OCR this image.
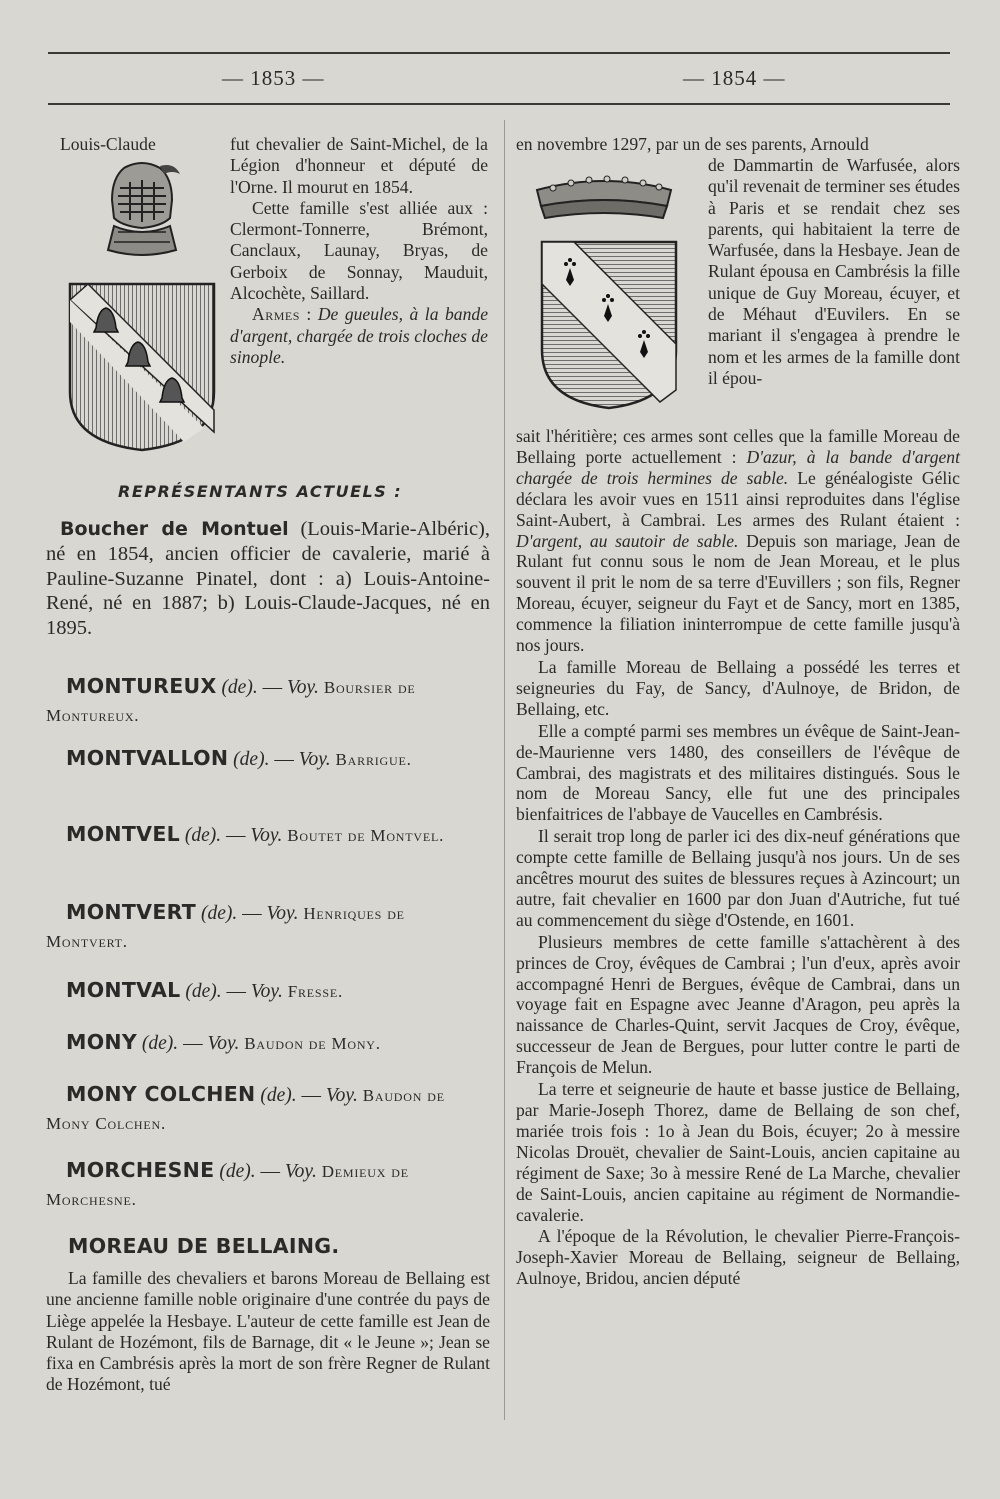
— 1853 —	— 1854 —
Louis-Claude	fut chevalier de Saint-Michel, de la Légion d'honneur et député de l'Orne. Il mourut en 1854.

Cette famille s'est alliée aux : Clermont-Tonnerre, Brémont, Canclaux, Launay, Bryas, de Gerboix de Sonnay, Mauduit, Alcochète, Saillard.

Armes : De gueules, à la bande d'argent, chargée de trois cloches de sinople.

REPRÉSENTANTS ACTUELS :
Boucher de Montuel (Louis-Marie-Albéric), né en 1854, ancien officier de cavalerie, marié à Pauline-Suzanne Pinatel, dont : a) Louis-Antoine-René, né en 1887; b) Louis-Claude-Jacques, né en 1895.
MONTUREUX (de). — Voy. Boursier de Montureux.
MONTVALLON (de). — Voy. Barrigue.
MONTVEL (de). — Voy. Boutet de Montvel.
MONTVERT (de). — Voy. Henriques de Montvert.
MONTVAL (de). — Voy. Fresse.
MONY (de). — Voy. Baudon de Mony.
MONY COLCHEN (de). — Voy. Baudon de Mony Colchen.
MORCHESNE (de). — Voy. Demieux de Morchesne.
MOREAU DE BELLAING.
La famille des chevaliers et barons Moreau de Bellaing est une ancienne famille noble originaire d'une contrée du pays de Liège appelée la Hesbaye. L'auteur de cette famille est Jean de Rulant de Hozémont, fils de Barnage, dit « le Jeune »; Jean se fixa en Cambrésis après la mort de son frère Regner de Rulant de Hozémont, tué
en novembre 1297, par un de ses parents, Arnould
de Dammartin de Warfusée, alors qu'il revenait de terminer ses études à Paris et se rendait chez ses parents, qui habitaient la terre de Warfusée, dans la Hesbaye. Jean de Rulant épousa en Cambrésis la fille unique de Guy Moreau, écuyer, et de Méhaut d'Euvilers. En se mariant il s'engagea à prendre le nom et les armes de la famille dont il épou-

sait l'héritière; ces armes sont celles que la famille Moreau de Bellaing porte actuellement : D'azur, à la bande d'argent chargée de trois hermines de sable. Le généalogiste Gélic déclara les avoir vues en 1511 ainsi reproduites dans l'église Saint-Aubert, à Cambrai. Les armes des Rulant étaient : D'argent, au sautoir de sable. Depuis son mariage, Jean de Rulant fut connu sous le nom de Jean Moreau, et le plus souvent il prit le nom de sa terre d'Euvillers ; son fils, Regner Moreau, écuyer, seigneur du Fayt et de Sancy, mort en 1385, commence la filiation ininterrompue de cette famille jusqu'à nos jours.

La famille Moreau de Bellaing a possédé les terres et seigneuries du Fay, de Sancy, d'Aulnoye, de Bridon, de Bellaing, etc.

Elle a compté parmi ses membres un évêque de Saint-Jean-de-Maurienne vers 1480, des conseillers de l'évêque de Cambrai, des magistrats et des militaires distingués. Sous le nom de Moreau Sancy, elle fut une des principales bienfaitrices de l'abbaye de Vaucelles en Cambrésis.

Il serait trop long de parler ici des dix-neuf générations que compte cette famille de Bellaing jusqu'à nos jours. Un de ses ancêtres mourut des suites de blessures reçues à Azincourt; un autre, fait chevalier en 1600 par don Juan d'Autriche, fut tué au commencement du siège d'Ostende, en 1601.

Plusieurs membres de cette famille s'attachèrent à des princes de Croy, évêques de Cambrai ; l'un d'eux, après avoir accompagné Henri de Bergues, évêque de Cambrai, dans un voyage fait en Espagne avec Jeanne d'Aragon, peu après la naissance de Charles-Quint, servit Jacques de Croy, évêque, successeur de Jean de Bergues, pour lutter contre le parti de François de Melun.

La terre et seigneurie de haute et basse justice de Bellaing, par Marie-Joseph Thorez, dame de Bellaing de son chef, mariée trois fois : 1o à Jean du Bois, écuyer; 2o à messire Nicolas Drouët, chevalier de Saint-Louis, ancien capitaine au régiment de Saxe; 3o à messire René de La Marche, chevalier de Saint-Louis, ancien capitaine au régiment de Normandie-cavalerie.

A l'époque de la Révolution, le chevalier Pierre-François-Joseph-Xavier Moreau de Bellaing, seigneur de Bellaing, Aulnoye, Bridou, ancien député
